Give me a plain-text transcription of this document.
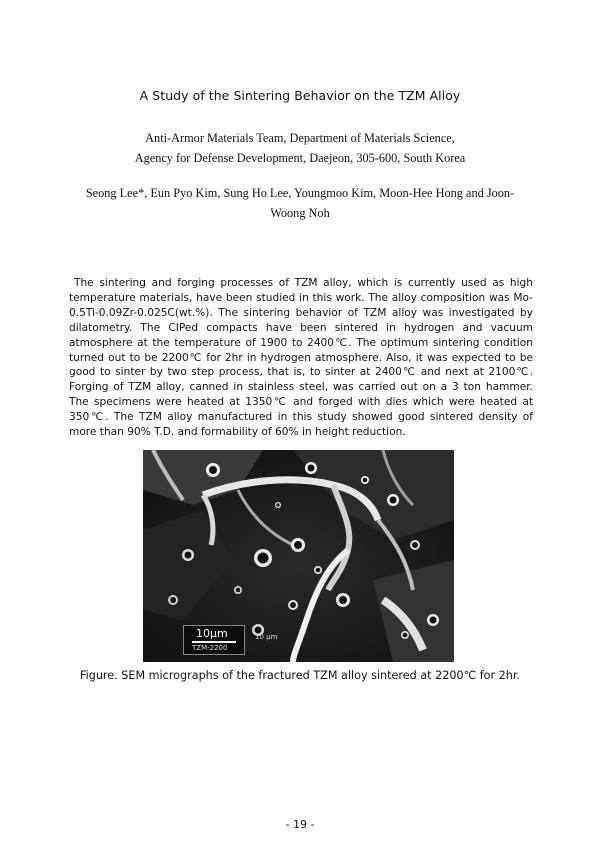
A Study of the Sintering Behavior on the TZM Alloy
Anti-Armor Materials Team, Department of Materials Science,
Agency for Defense Development, Daejeon, 305-600, South Korea
Seong Lee*, Eun Pyo Kim, Sung Ho Lee, Youngmoo Kim, Moon-Hee Hong and Joon-Woong Noh
The sintering and forging processes of TZM alloy, which is currently used as high temperature materials, have been studied in this work. The alloy composition was Mo-0.5Ti-0.09Zr-0.025C(wt.%). The sintering behavior of TZM alloy was investigated by dilatometry. The CIPed compacts have been sintered in hydrogen and vacuum atmosphere at the temperature of 1900 to 2400℃. The optimum sintering condition turned out to be 2200℃ for 2hr in hydrogen atmosphere. Also, it was expected to be good to sinter by two step process, that is, to sinter at 2400℃ and next at 2100℃. Forging of TZM alloy, canned in stainless steel, was carried out on a 3 ton hammer. The specimens were heated at 1350℃ and forged with dies which were heated at 350℃. The TZM alloy manufactured in this study showed good sintered density of more than 90% T.D. and formability of 60% in height reduction.
10μm
TZM-2200
10 μm
Figure. SEM micrographs of the fractured TZM alloy sintered at 2200℃ for 2hr.
- 19 -
